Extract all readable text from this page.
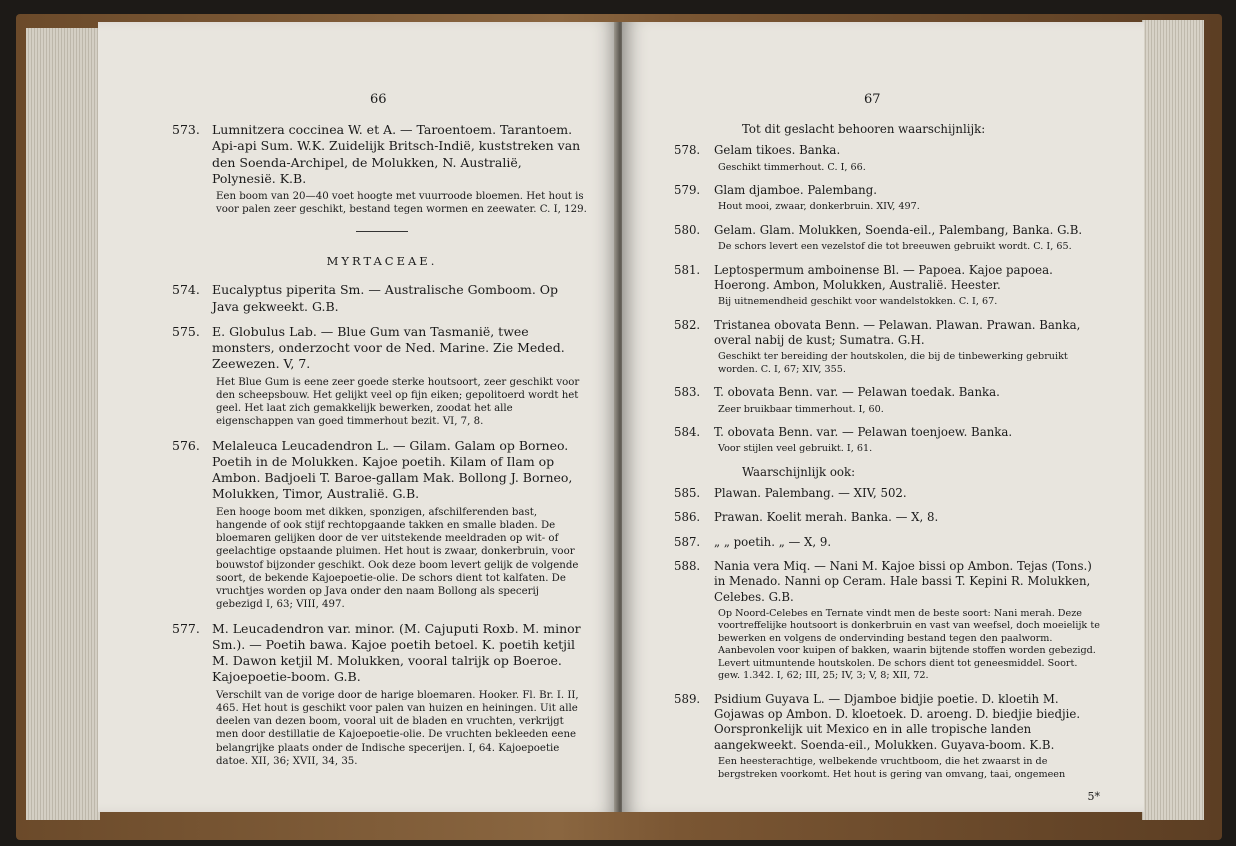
66
573. Lumnitzera coccinea W. et A. — Taroentoem. Tarantoem. Api-api Sum. W.K. Zuidelijk Britsch-Indië, kuststreken van den Soenda-Archipel, de Molukken, N. Australië, Polynesië. K.B.
Een boom van 20—40 voet hoogte met vuurroode bloemen. Het hout is voor palen zeer geschikt, bestand tegen wormen en zeewater. C. I, 129.
MYRTACEAE.
574. Eucalyptus piperita Sm. — Australische Gomboom. Op Java gekweekt. G.B.
575. E. Globulus Lab. — Blue Gum van Tasmanië, twee monsters, onderzocht voor de Ned. Marine. Zie Meded. Zeewezen. V, 7.
Het Blue Gum is eene zeer goede sterke houtsoort, zeer geschikt voor den scheepsbouw. Het gelijkt veel op fijn eiken; gepolitoerd wordt het geel. Het laat zich gemakkelijk bewerken, zoodat het alle eigenschappen van goed timmerhout bezit. VI, 7, 8.
576. Melaleuca Leucadendron L. — Gilam. Galam op Borneo. Poetih in de Molukken. Kajoe poetih. Kilam of Ilam op Ambon. Badjoeli T. Baroe-gallam Mak. Bollong J. Borneo, Molukken, Timor, Australië. G.B.
Een hooge boom met dikken, sponzigen, afschilferenden bast, hangende of ook stijf rechtopgaande takken en smalle bladen. De bloemaren gelijken door de ver uitstekende meeldraden op wit- of geelachtige opstaande pluimen. Het hout is zwaar, donkerbruin, voor bouwstof bijzonder geschikt. Ook deze boom levert gelijk de volgende soort, de bekende Kajoepoetie-olie. De schors dient tot kalfaten. De vruchtjes worden op Java onder den naam Bollong als specerij gebezigd I, 63; VIII, 497.
577. M. Leucadendron var. minor. (M. Cajuputi Roxb. M. minor Sm.). — Poetih bawa. Kajoe poetih betoel. K. poetih ketjil M. Dawon ketjil M. Molukken, vooral talrijk op Boeroe. Kajoepoetie-boom. G.B.
Verschilt van de vorige door de harige bloemaren. Hooker. Fl. Br. I. II, 465. Het hout is geschikt voor palen van huizen en heiningen. Uit alle deelen van dezen boom, vooral uit de bladen en vruchten, verkrijgt men door destillatie de Kajoepoetie-olie. De vruchten bekleeden eene belangrijke plaats onder de Indische specerijen. I, 64. Kajoepoetie datoe. XII, 36; XVII, 34, 35.
67
Tot dit geslacht behooren waarschijnlijk:
578. Gelam tikoes. Banka.
Geschikt timmerhout. C. I, 66.
579. Glam djamboe. Palembang.
Hout mooi, zwaar, donkerbruin. XIV, 497.
580. Gelam. Glam. Molukken, Soenda-eil., Palembang, Banka. G.B.
De schors levert een vezelstof die tot breeuwen gebruikt wordt. C. I, 65.
581. Leptospermum amboinense Bl. — Papoea. Kajoe papoea. Hoerong. Ambon, Molukken, Australië. Heester.
Bij uitnemendheid geschikt voor wandelstokken. C. I, 67.
582. Tristanea obovata Benn. — Pelawan. Plawan. Prawan. Banka, overal nabij de kust; Sumatra. G.H.
Geschikt ter bereiding der houtskolen, die bij de tinbewerking gebruikt worden. C. I, 67; XIV, 355.
583. T. obovata Benn. var. — Pelawan toedak. Banka.
Zeer bruikbaar timmerhout. I, 60.
584. T. obovata Benn. var. — Pelawan toenjoew. Banka.
Voor stijlen veel gebruikt. I, 61.
Waarschijnlijk ook:
585. Plawan. Palembang. — XIV, 502.
586. Prawan. Koelit merah. Banka. — X, 8.
587. „ „ poetih. „ — X, 9.
588. Nania vera Miq. — Nani M. Kajoe bissi op Ambon. Tejas (Tons.) in Menado. Nanni op Ceram. Hale bassi T. Kepini R. Molukken, Celebes. G.B.
Op Noord-Celebes en Ternate vindt men de beste soort: Nani merah. Deze voortreffelijke houtsoort is donkerbruin en vast van weefsel, doch moeielijk te bewerken en volgens de ondervinding bestand tegen den paalworm. Aanbevolen voor kuipen of bakken, waarin bijtende stoffen worden gebezigd. Levert uitmuntende houtskolen. De schors dient tot geneesmiddel. Soort. gew. 1.342. I, 62; III, 25; IV, 3; V, 8; XII, 72.
589. Psidium Guyava L. — Djamboe bidjie poetie. D. kloetih M. Gojawas op Ambon. D. kloetoek. D. aroeng. D. biedjie biedjie. Oorspronkelijk uit Mexico en in alle tropische landen aangekweekt. Soenda-eil., Molukken. Guyava-boom. K.B.
Een heesterachtige, welbekende vruchtboom, die het zwaarst in de bergstreken voorkomt. Het hout is gering van omvang, taai, ongemeen
5*
